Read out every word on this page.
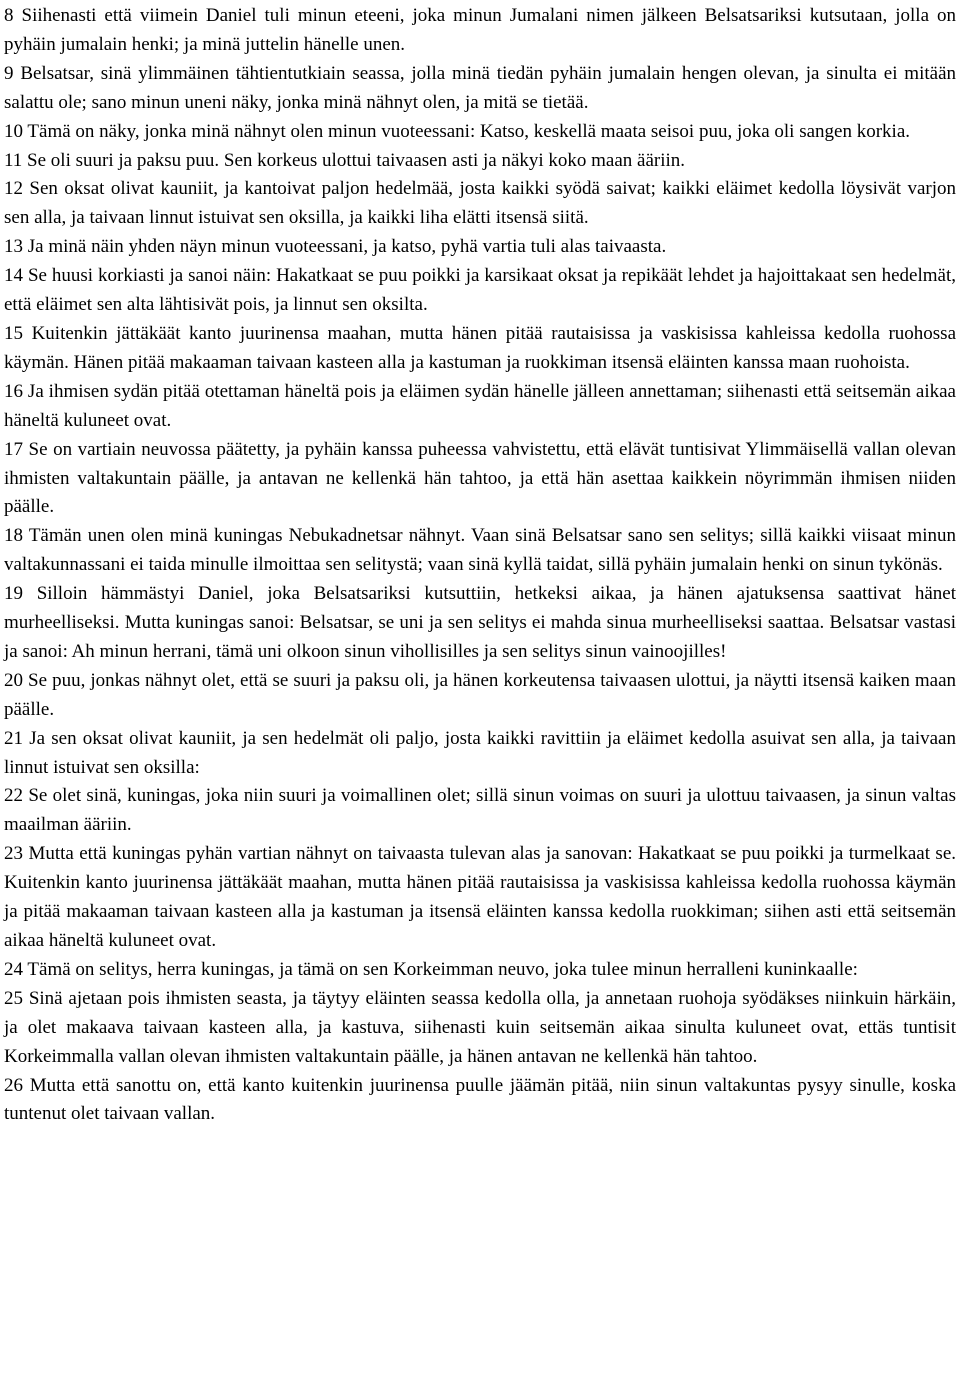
8 Siihenasti että viimein Daniel tuli minun eteeni, joka minun Jumalani nimen jälkeen Belsatsariksi kutsutaan, jolla on pyhäin jumalain henki; ja minä juttelin hänelle unen.

9 Belsatsar, sinä ylimmäinen tähtientutkiain seassa, jolla minä tiedän pyhäin jumalain hengen olevan, ja sinulta ei mitään salattu ole; sano minun uneni näky, jonka minä nähnyt olen, ja mitä se tietää.

10 Tämä on näky, jonka minä nähnyt olen minun vuoteessani: Katso, keskellä maata seisoi puu, joka oli sangen korkia.

11 Se oli suuri ja paksu puu. Sen korkeus ulottui taivaasen asti ja näkyi koko maan ääriin.

12 Sen oksat olivat kauniit, ja kantoivat paljon hedelmää, josta kaikki syödä saivat; kaikki eläimet kedolla löysivät varjon sen alla, ja taivaan linnut istuivat sen oksilla, ja kaikki liha elätti itsensä siitä.

13 Ja minä näin yhden näyn minun vuoteessani, ja katso, pyhä vartia tuli alas taivaasta.

14 Se huusi korkiasti ja sanoi näin: Hakatkaat se puu poikki ja karsikaat oksat ja repikäät lehdet ja hajoittakaat sen hedelmät, että eläimet sen alta lähtisivät pois, ja linnut sen oksilta.

15 Kuitenkin jättäkäät kanto juurinensa maahan, mutta hänen pitää rautaisissa ja vaskisissa kahleissa kedolla ruohossa käymän. Hänen pitää makaaman taivaan kasteen alla ja kastuman ja ruokkiman itsensä eläinten kanssa maan ruohoista.

16 Ja ihmisen sydän pitää otettaman häneltä pois ja eläimen sydän hänelle jälleen annettaman; siihenasti että seitsemän aikaa häneltä kuluneet ovat.

17 Se on vartiain neuvossa päätetty, ja pyhäin kanssa puheessa vahvistettu, että elävät tuntisivat Ylimmäisellä vallan olevan ihmisten valtakuntain päälle, ja antavan ne kellenkä hän tahtoo, ja että hän asettaa kaikkein nöyrimmän ihmisen niiden päälle.

18 Tämän unen olen minä kuningas Nebukadnetsar nähnyt. Vaan sinä Belsatsar sano sen selitys; sillä kaikki viisaat minun valtakunnassani ei taida minulle ilmoittaa sen selitystä; vaan sinä kyllä taidat, sillä pyhäin jumalain henki on sinun tykönäs.

19 Silloin hämmästyi Daniel, joka Belsatsariksi kutsuttiin, hetkeksi aikaa, ja hänen ajatuksensa saattivat hänet murheelliseksi. Mutta kuningas sanoi: Belsatsar, se uni ja sen selitys ei mahda sinua murheelliseksi saattaa. Belsatsar vastasi ja sanoi: Ah minun herrani, tämä uni olkoon sinun vihollisilles ja sen selitys sinun vainoojilles!

20 Se puu, jonkas nähnyt olet, että se suuri ja paksu oli, ja hänen korkeutensa taivaasen ulottui, ja näytti itsensä kaiken maan päälle.

21 Ja sen oksat olivat kauniit, ja sen hedelmät oli paljo, josta kaikki ravittiin ja eläimet kedolla asuivat sen alla, ja taivaan linnut istuivat sen oksilla:

22 Se olet sinä, kuningas, joka niin suuri ja voimallinen olet; sillä sinun voimas on suuri ja ulottuu taivaasen, ja sinun valtas maailman ääriin.

23 Mutta että kuningas pyhän vartian nähnyt on taivaasta tulevan alas ja sanovan: Hakatkaat se puu poikki ja turmelkaat se. Kuitenkin kanto juurinensa jättäkäät maahan, mutta hänen pitää rautaisissa ja vaskisissa kahleissa kedolla ruohossa käymän ja pitää makaaman taivaan kasteen alla ja kastuman ja itsensä eläinten kanssa kedolla ruokkiman; siihen asti että seitsemän aikaa häneltä kuluneet ovat.

24 Tämä on selitys, herra kuningas, ja tämä on sen Korkeimman neuvo, joka tulee minun herralleni kuninkaalle:

25 Sinä ajetaan pois ihmisten seasta, ja täytyy eläinten seassa kedolla olla, ja annetaan ruohoja syödäkses niinkuin härkäin, ja olet makaava taivaan kasteen alla, ja kastuva, siihenasti kuin seitsemän aikaa sinulta kuluneet ovat, ettäs tuntisit Korkeimmalla vallan olevan ihmisten valtakuntain päälle, ja hänen antavan ne kellenkä hän tahtoo.

26 Mutta että sanottu on, että kanto kuitenkin juurinensa puulle jäämän pitää, niin sinun valtakuntas pysyy sinulle, koska tuntenut olet taivaan vallan.
